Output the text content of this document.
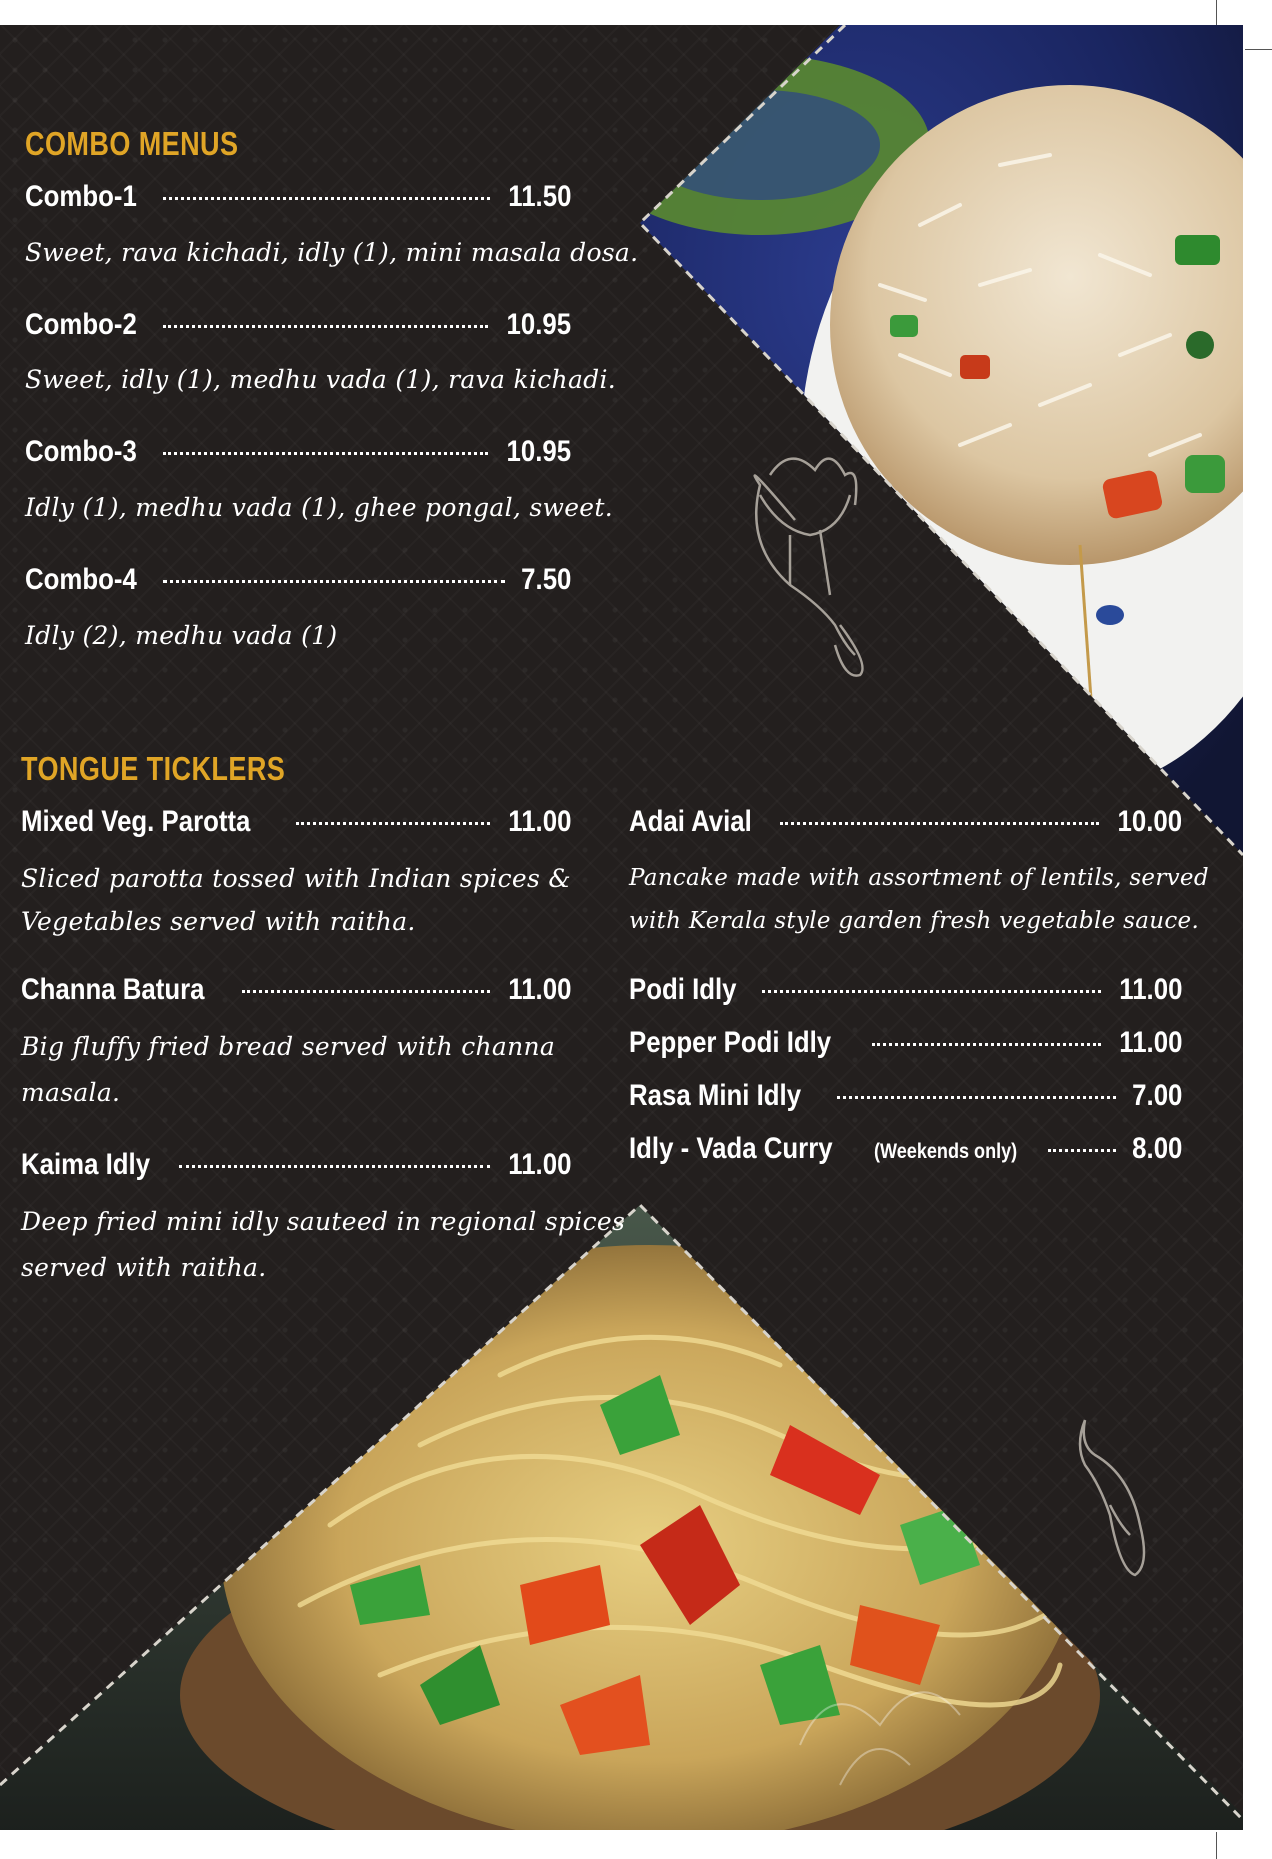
COMBO MENUS
Combo-1	11.50
Sweet, rava kichadi, idly (1), mini masala dosa.
Combo-2	10.95
Sweet, idly (1), medhu vada (1), rava kichadi.
Combo-3	10.95
Idly (1), medhu vada (1), ghee pongal, sweet.
Combo-4	7.50
Idly (2), medhu vada (1)
TONGUE TICKLERS
Mixed Veg. Parotta	11.00
Sliced parotta tossed with Indian spices &
Vegetables served with raitha.
Channa Batura	11.00
Big fluffy fried bread served with channa
masala.
Kaima Idly	11.00
Deep fried mini idly sauteed in regional spices
served with raitha.
Adai Avial	10.00
Pancake made with assortment of lentils, served
with Kerala style garden fresh vegetable sauce.
Podi Idly	11.00
Pepper Podi Idly	11.00
Rasa Mini Idly	7.00
Idly - Vada Curry (Weekends only)	8.00
